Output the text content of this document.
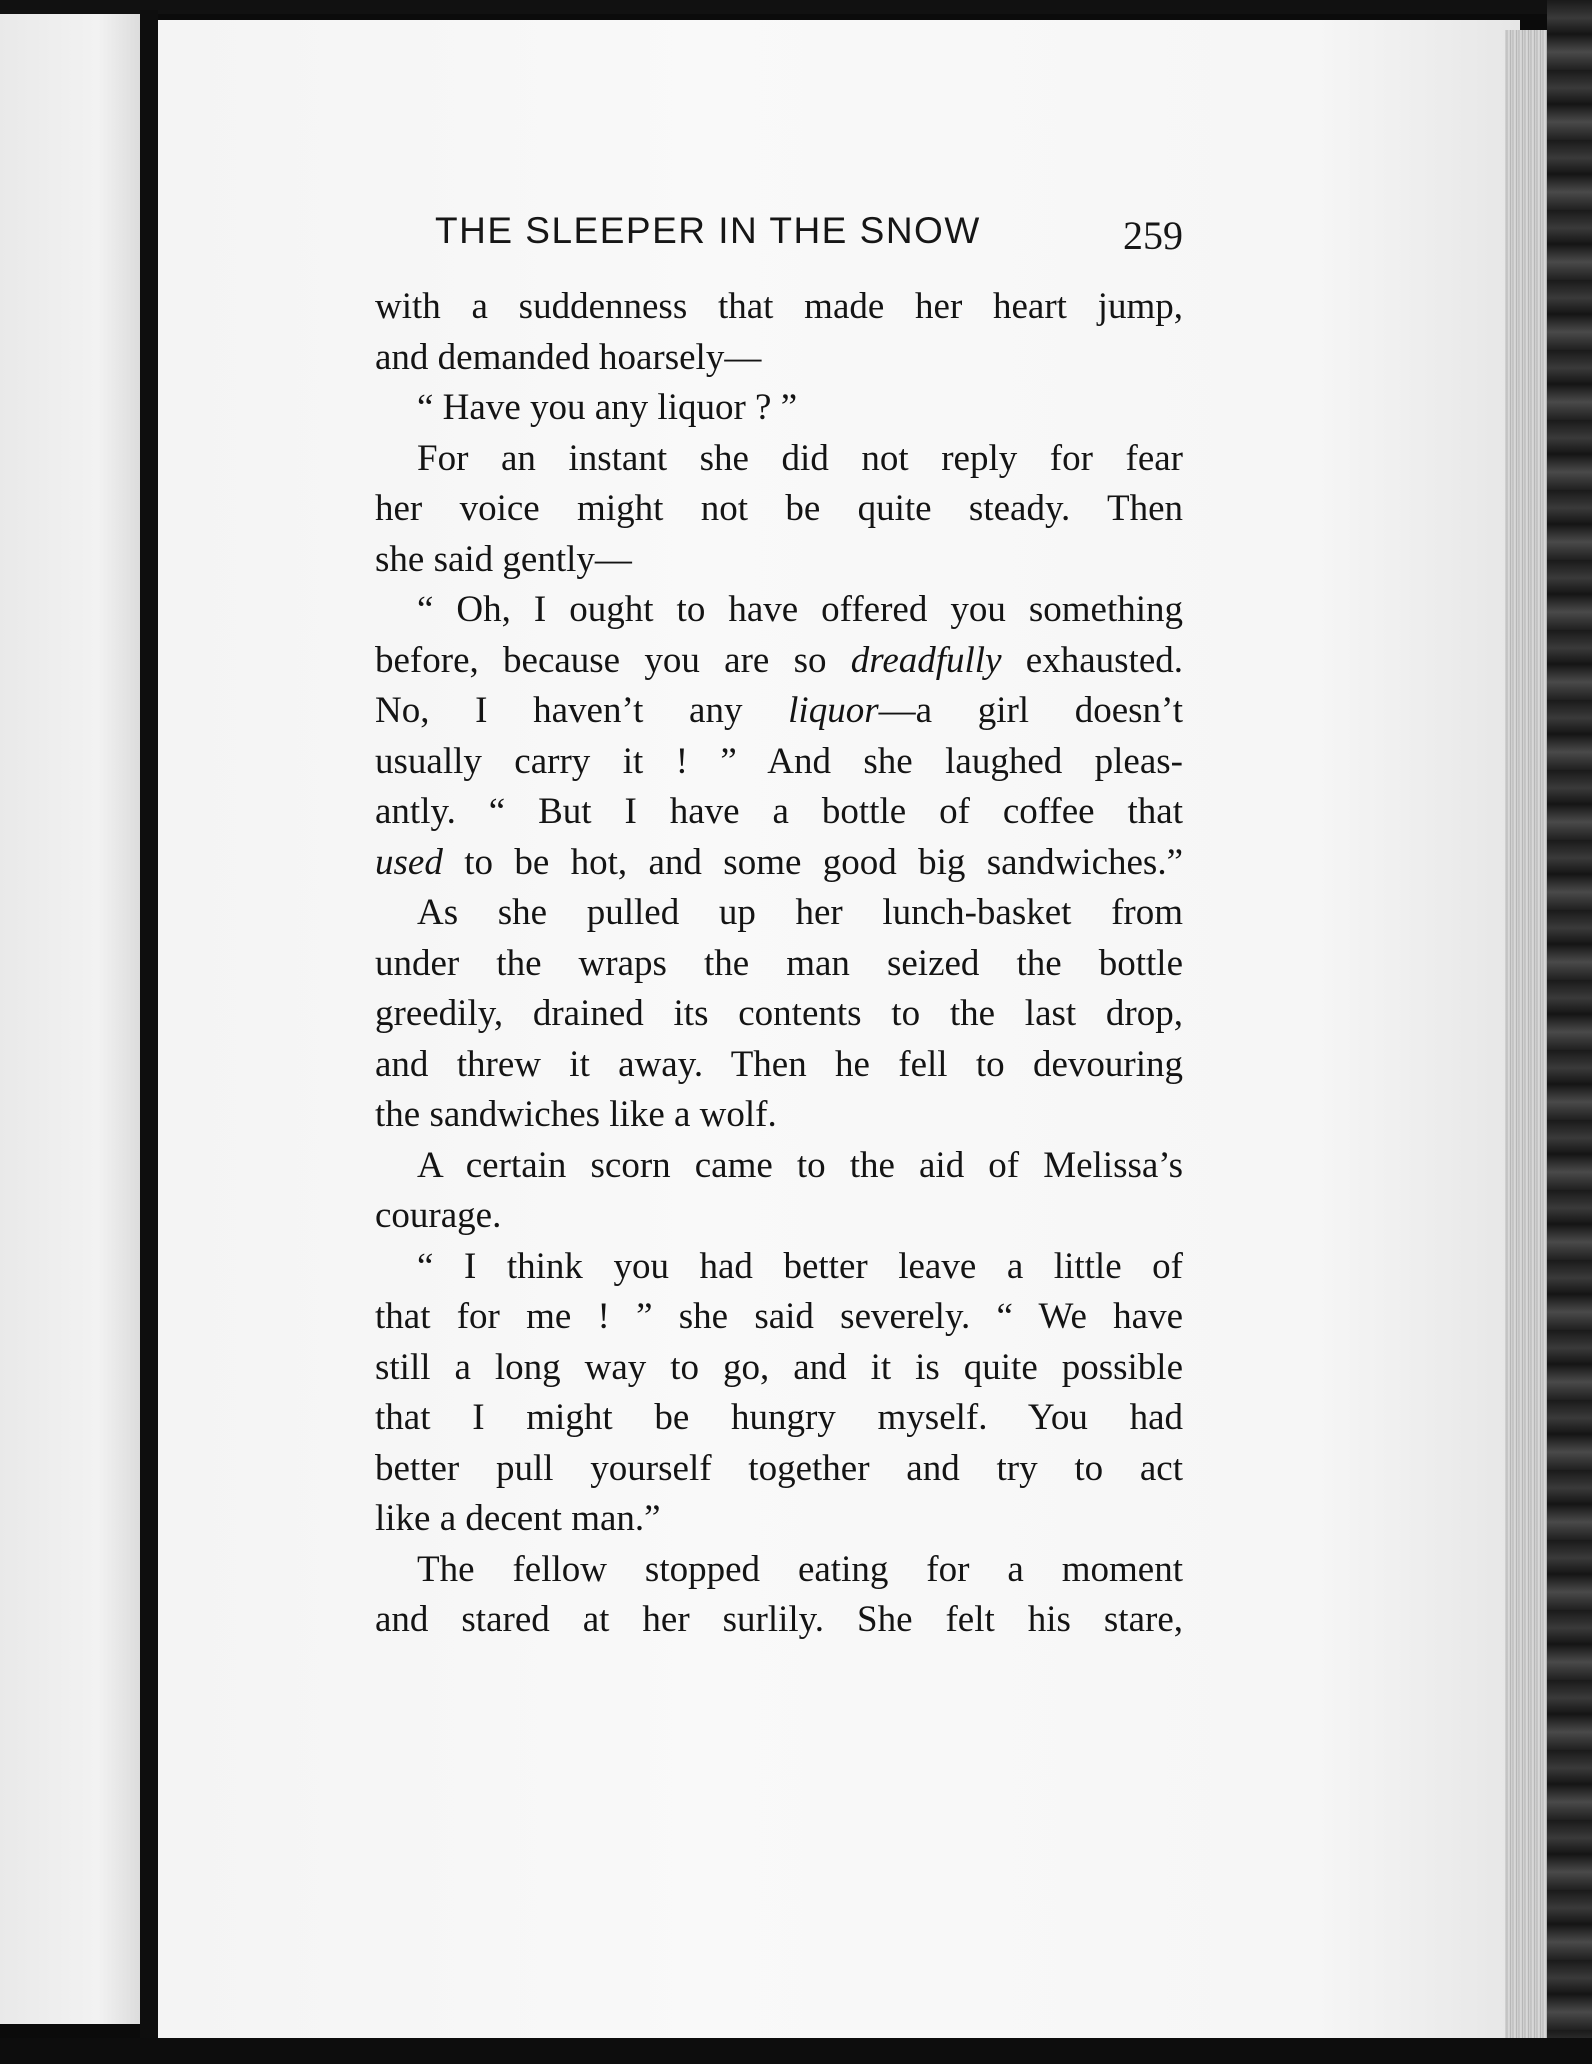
THE SLEEPER IN THE SNOW	259
with a suddenness that made her heart jump,
and demanded hoarsely—
“ Have you any liquor ? ”
For an instant she did not reply for fear
her voice might not be quite steady. Then
she said gently—
“ Oh, I ought to have offered you something
before, because you are so dreadfully exhausted.
No, I haven’t any liquor—a girl doesn’t
usually carry it ! ” And she laughed pleas-
antly. “ But I have a bottle of coffee that
used to be hot, and some good big sandwiches.”
As she pulled up her lunch-basket from
under the wraps the man seized the bottle
greedily, drained its contents to the last drop,
and threw it away. Then he fell to devouring
the sandwiches like a wolf.
A certain scorn came to the aid of Melissa’s
courage.
“ I think you had better leave a little of
that for me ! ” she said severely. “ We have
still a long way to go, and it is quite possible
that I might be hungry myself. You had
better pull yourself together and try to act
like a decent man.”
The fellow stopped eating for a moment
and stared at her surlily. She felt his stare,
